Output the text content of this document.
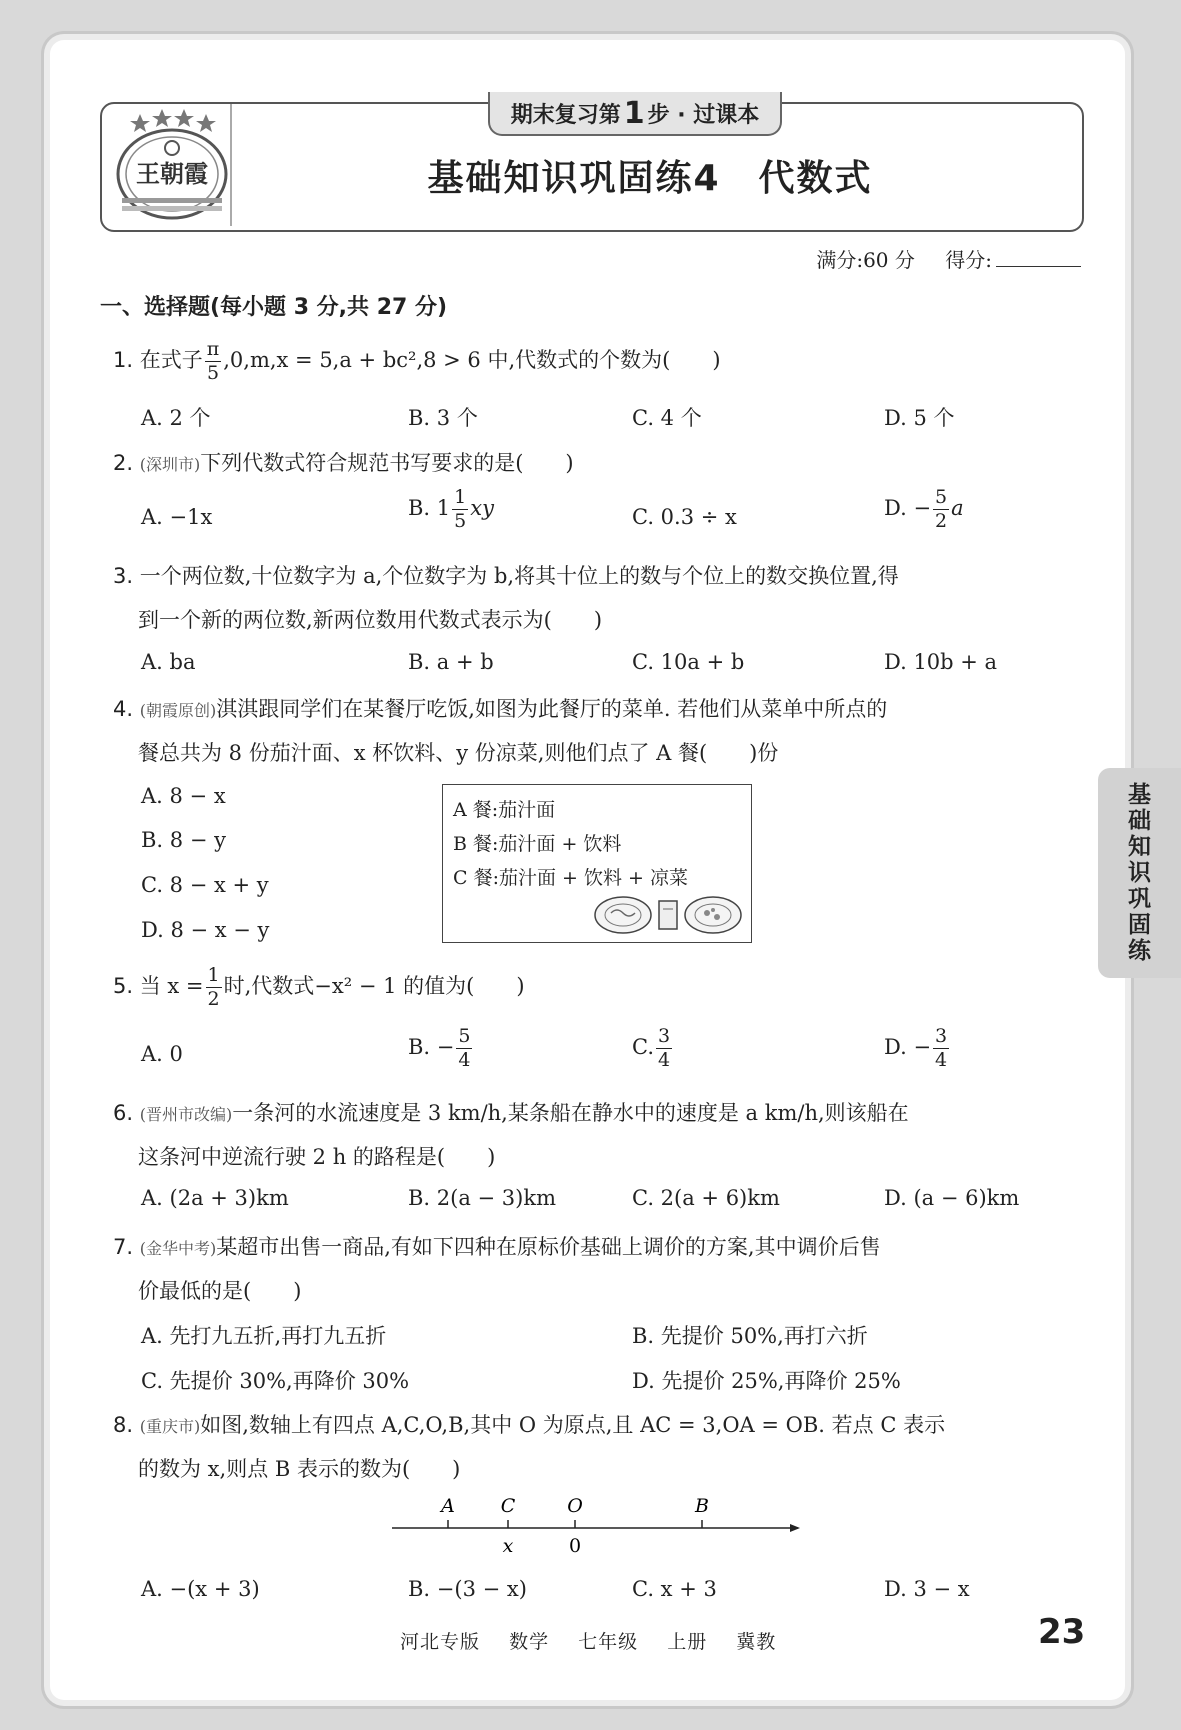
王朝霞
期末复习第 1 步 · 过课本
基础知识巩固练4　代数式
满分:60 分 得分:
基
础
知
识
巩
固
练
一、选择题(每小题 3 分,共 27 分)
1. 在式子 $\frac{\pi}{5} ,0,m,x = 5,a + bc^2,8 > 6$ 中,代数式的个数为(　　)
A. 2 个	B. 3 个	C. 4 个	D. 5 个
2. (深圳市)下列代数式符合规范书写要求的是(　　)
A. −1x	B. $1 \frac{1}{5}$ xy	C. 0.3 ÷ x	D. − $\frac{5}{2}$ a
3. 一个两位数,十位数字为 a,个位数字为 b,将其十位上的数与个位上的数交换位置,得
到一个新的两位数,新两位数用代数式表示为(　　)
A. ba	B. a + b	C. 10a + b	D. 10b + a
4. (朝霞原创)淇淇跟同学们在某餐厅吃饭,如图为此餐厅的菜单. 若他们从菜单中所点的
餐总共为 8 份茄汁面、x 杯饮料、y 份凉菜,则他们点了 A 餐(　　)份
A. 8 − x
B. 8 − y
C. 8 − x + y
D. 8 − x − y
A 餐:茄汁面
B 餐:茄汁面 + 饮料
C 餐:茄汁面 + 饮料 + 凉菜
5. 当 $x = \frac{1}{2}$ 时,代数式−x² − 1 的值为(　　)
A. 0	B. − $\frac{5}{4}$	C. $\frac{3}{4}$	D. − $\frac{3}{4}$
6. (晋州市改编)一条河的水流速度是 3 km/h,某条船在静水中的速度是 a km/h,则该船在
这条河中逆流行驶 2 h 的路程是(　　)
A. (2a + 3)km	B. 2(a − 3)km	C. 2(a + 6)km	D. (a − 6)km
7. (金华中考)某超市出售一商品,有如下四种在原标价基础上调价的方案,其中调价后售
价最低的是(　　)
A. 先打九五折,再打九五折	B. 先提价 50%,再打六折
C. 先提价 30%,再降价 30%	D. 先提价 25%,再降价 25%
8. (重庆市)如图,数轴上有四点 A,C,O,B,其中 O 为原点,且 AC = 3,OA = OB. 若点 C 表示
的数为 x,则点 B 表示的数为(　　)
A C	O	B
x	0
A. −(x + 3)	B. −(3 − x)	C. x + 3	D. 3 − x
河北专版 数学 七年级 上册 冀教	23
